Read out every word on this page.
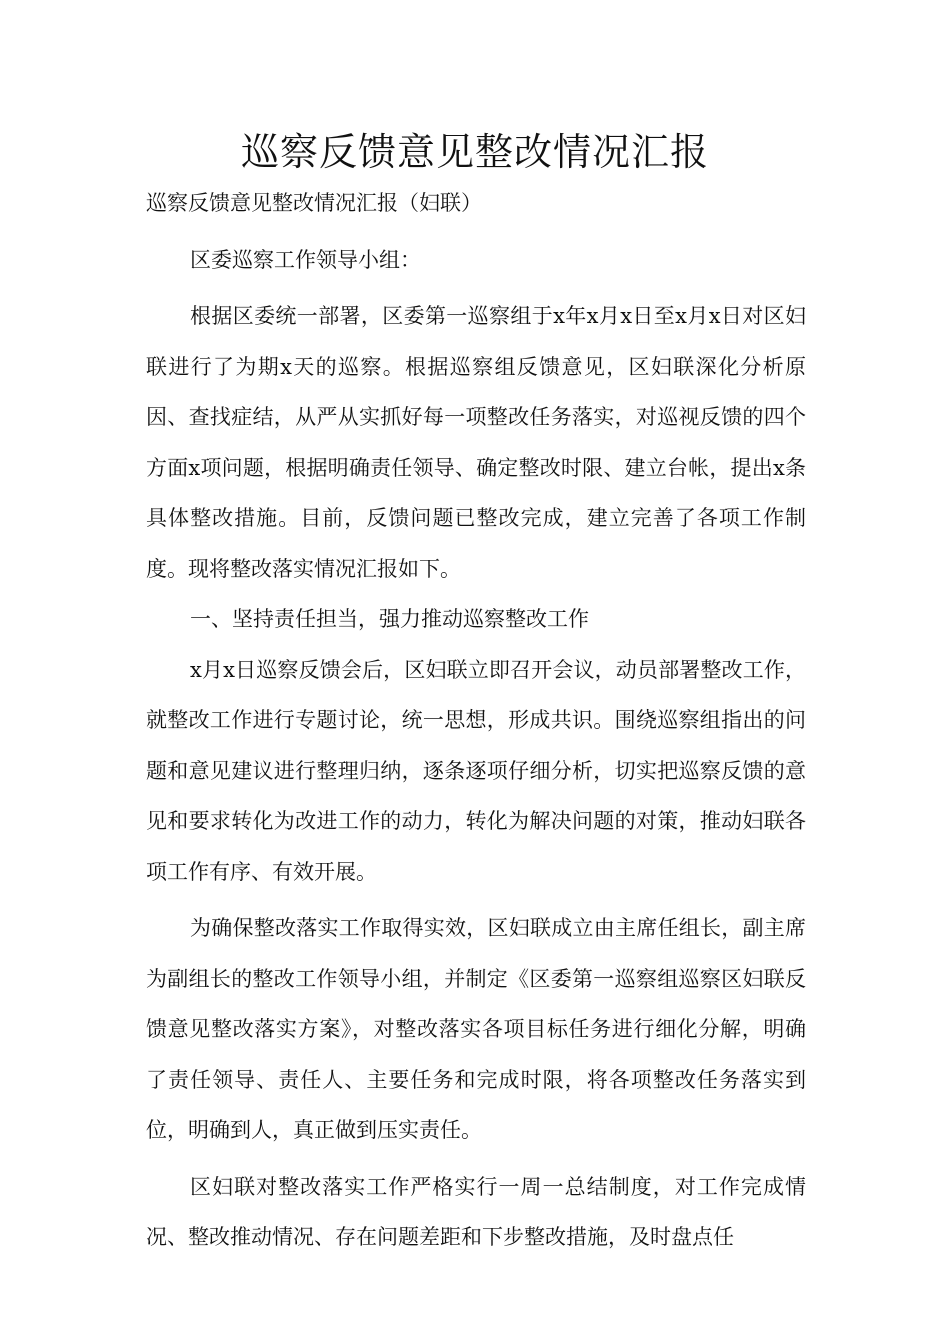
巡察反馈意见整改情况汇报

巡察反馈意见整改情况汇报（妇联）

区委巡察工作领导小组：

根据区委统一部署，区委第一巡察组于x年x月x日至x月x日对区妇联进行了为期x天的巡察。根据巡察组反馈意见，区妇联深化分析原因、查找症结，从严从实抓好每一项整改任务落实，对巡视反馈的四个方面x项问题，根据明确责任领导、确定整改时限、建立台帐，提出x条具体整改措施。目前，反馈问题已整改完成，建立完善了各项工作制度。现将整改落实情况汇报如下。

一、坚持责任担当，强力推动巡察整改工作

x月x日巡察反馈会后，区妇联立即召开会议，动员部署整改工作，就整改工作进行专题讨论，统一思想，形成共识。围绕巡察组指出的问题和意见建议进行整理归纳，逐条逐项仔细分析，切实把巡察反馈的意见和要求转化为改进工作的动力，转化为解决问题的对策，推动妇联各项工作有序、有效开展。

为确保整改落实工作取得实效，区妇联成立由主席任组长，副主席为副组长的整改工作领导小组，并制定《区委第一巡察组巡察区妇联反馈意见整改落实方案》，对整改落实各项目标任务进行细化分解，明确了责任领导、责任人、主要任务和完成时限，将各项整改任务落实到位，明确到人，真正做到压实责任。

区妇联对整改落实工作严格实行一周一总结制度，对工作完成情况、整改推动情况、存在问题差距和下步整改措施，及时盘点任
